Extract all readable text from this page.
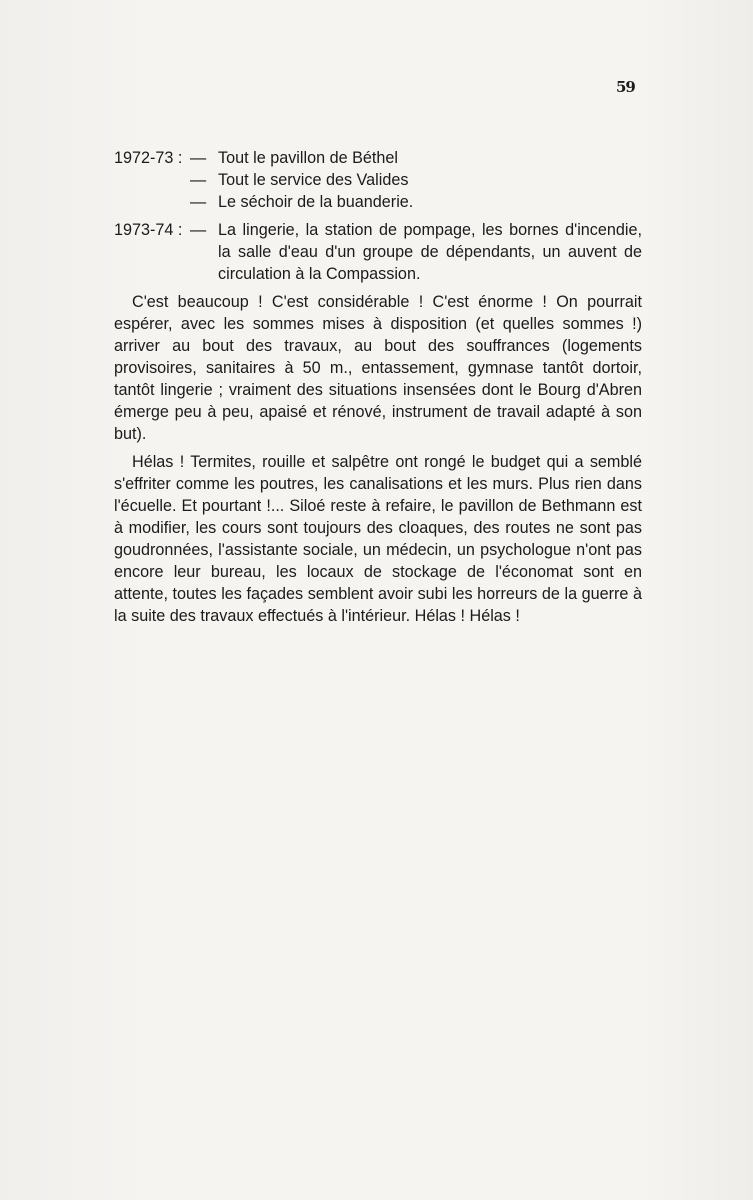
59
1972-73 : — Tout le pavillon de Béthel
— Tout le service des Valides
— Le séchoir de la buanderie.
1973-74 : — La lingerie, la station de pompage, les bornes d'incendie, la salle d'eau d'un groupe de dépendants, un auvent de circulation à la Compassion.

C'est beaucoup ! C'est considérable ! C'est énorme ! On pourrait espérer, avec les sommes mises à disposition (et quelles sommes !) arriver au bout des travaux, au bout des souffrances (logements provisoires, sanitaires à 50 m., entassement, gymnase tantôt dortoir, tantôt lingerie ; vraiment des situations insensées dont le Bourg d'Abren émerge peu à peu, apaisé et rénové, instrument de travail adapté à son but).

Hélas ! Termites, rouille et salpêtre ont rongé le budget qui a semblé s'effriter comme les poutres, les canalisations et les murs. Plus rien dans l'écuelle. Et pourtant !... Siloé reste à refaire, le pavillon de Bethmann est à modifier, les cours sont toujours des cloaques, des routes ne sont pas goudronnées, l'assistante sociale, un médecin, un psychologue n'ont pas encore leur bureau, les locaux de stockage de l'économat sont en attente, toutes les façades semblent avoir subi les horreurs de la guerre à la suite des travaux effectués à l'intérieur. Hélas ! Hélas !
